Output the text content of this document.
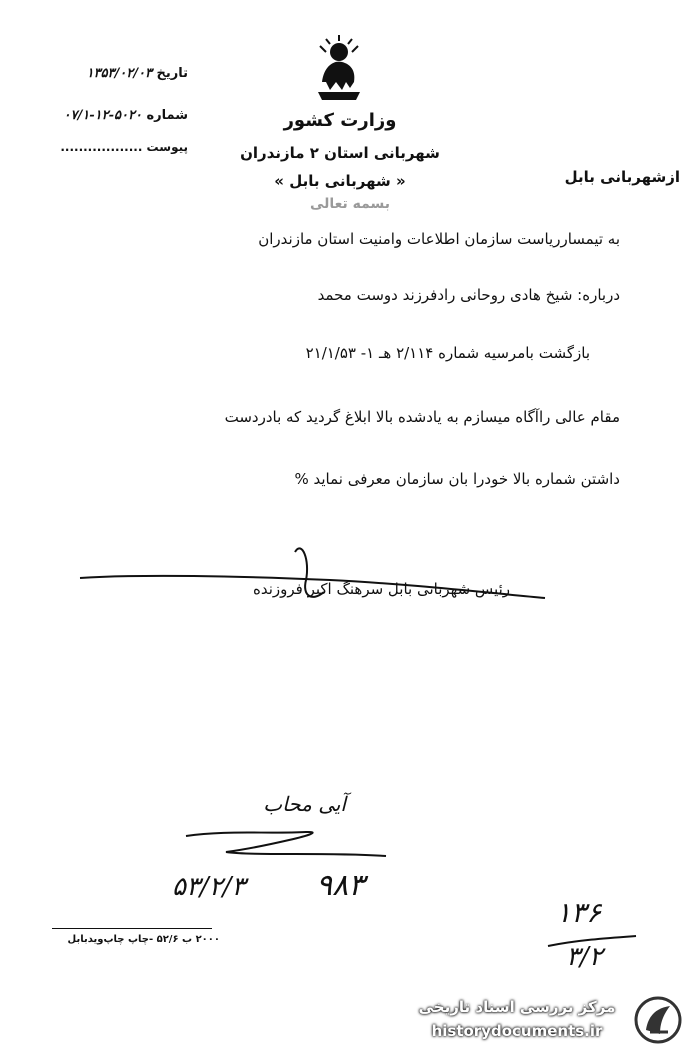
تاریخ ۱۳۵۳/۰۲/۰۳
شماره ۵۰۲۰-۱۲-۰۷/۱
پیوست ..................
وزارت کشور
شهربانی استان ۲ مازندران
« شهربانی بابل »
بسمه تعالی
ازشهربانی بابل
به تیمسارریاست سازمان اطلاعات وامنیت استان مازندران
درباره: شیخ هادی روحانی رادفرزند دوست محمد
بازگشت بامرسیه شماره ۲/۱۱۴ هـ ۱- ۲۱/۱/۵۳
مقام عالی راآگاه میسازم به یادشده بالا ابلاغ گردید که بادردست
داشتن شماره بالا خودرا بان سازمان معرفی نماید %
رئیس شهربانی بابل سرهنگ اکبر فروزنده
آیی محاب
۵۳/۲/۳	۹۸۳
۱۳۶
۳/۲
۲۰۰۰ ب ۵۲/۶ -چاپ چاپ‌و‌یدبابل
مرکز بررسی اسناد تاریخی
historydocuments.ir
